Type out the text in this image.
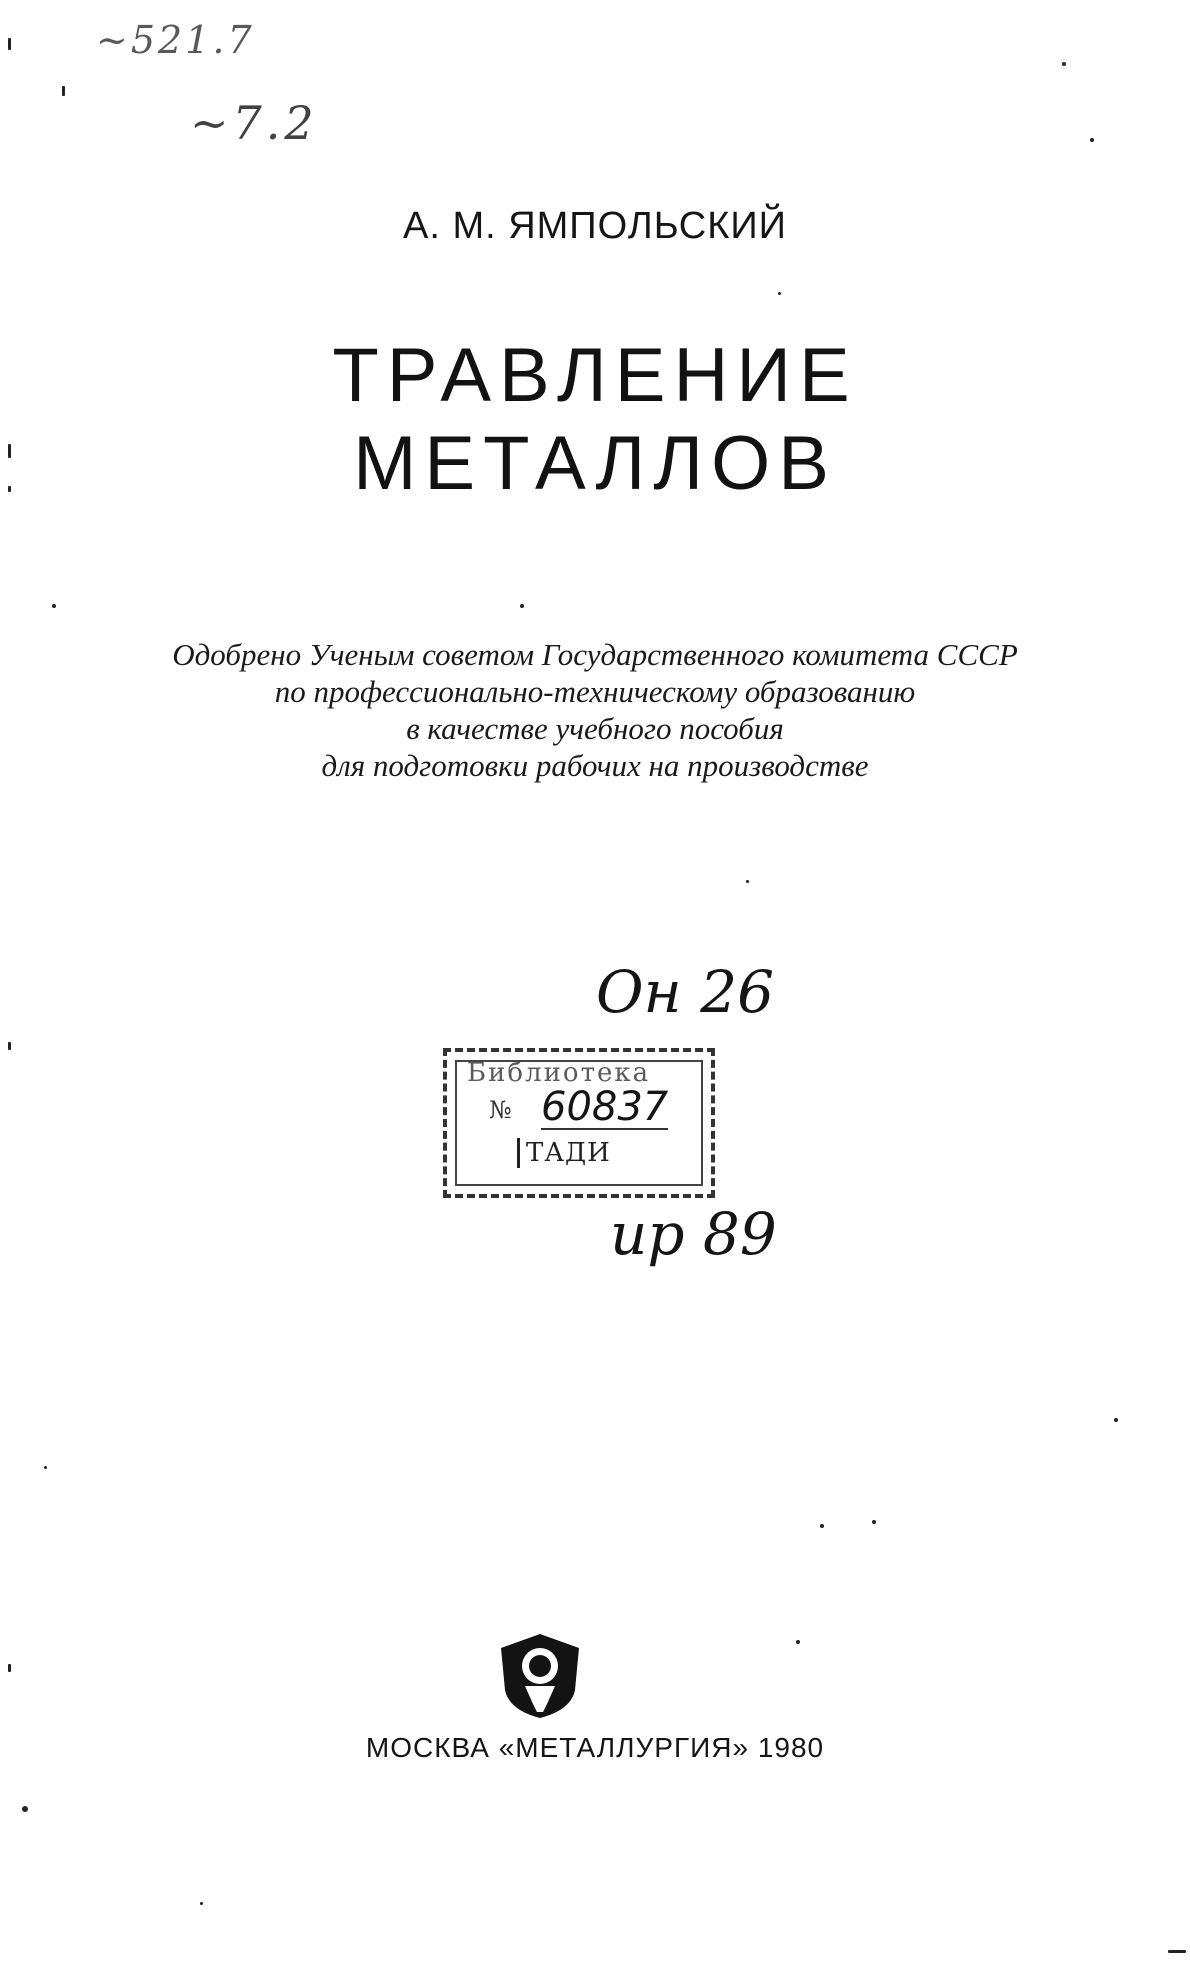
~521.7
~7.2
А. М. ЯМПОЛЬСКИЙ
ТРАВЛЕНИЕ
МЕТАЛЛОВ
Одобрено Ученым советом Государственного комитета СССР
по профессионально-техническому образованию
в качестве учебного пособия
для подготовки рабочих на производстве
Он 26
Библиотека
№ 60837
ТАДИ
ир 89
МОСКВА «МЕТАЛЛУРГИЯ» 1980
